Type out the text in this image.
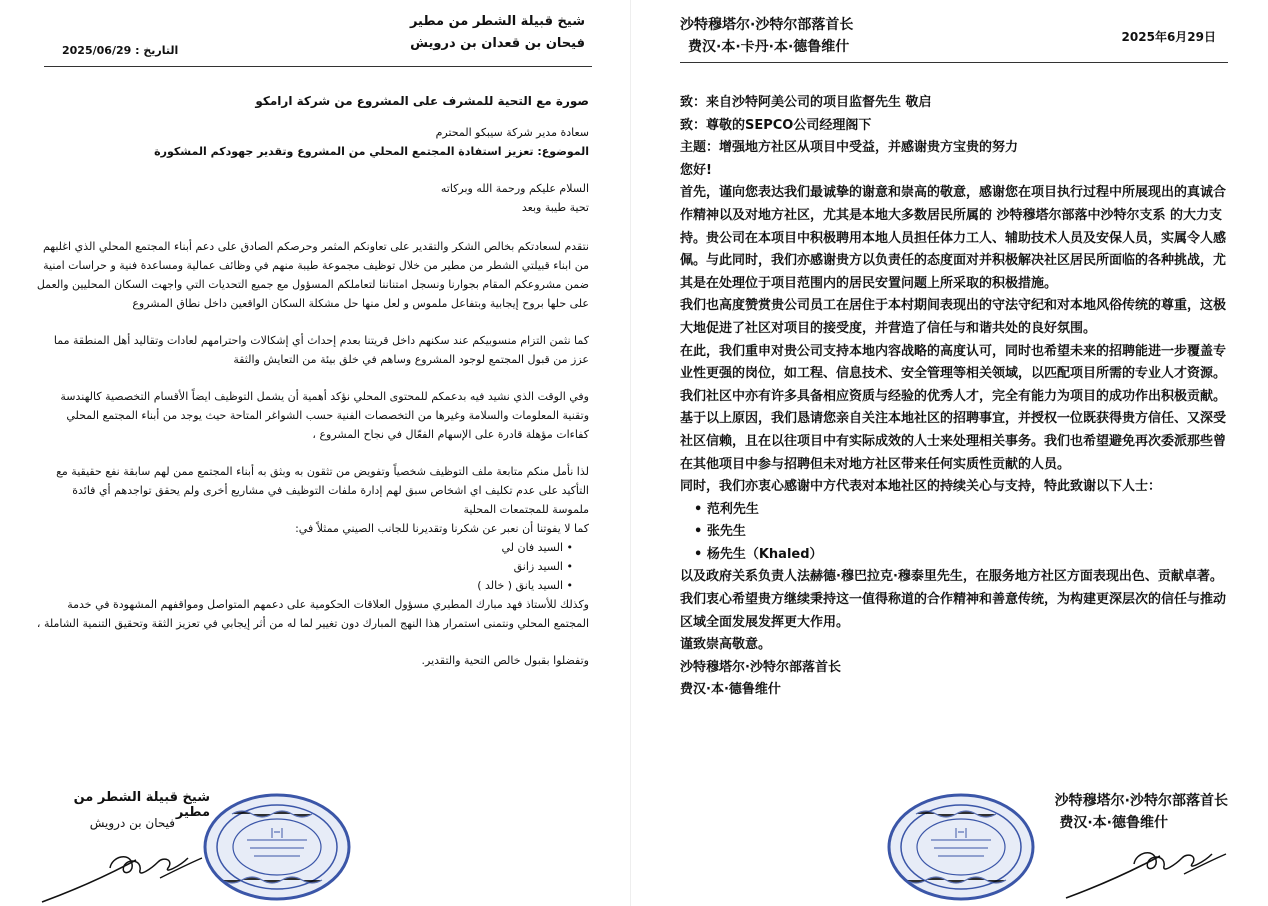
شيخ قبيلة الشطر من مطير
فيحان بن قعدان بن درويش
التاريخ : 2025/06/29

صورة مع التحية للمشرف على المشروع من شركة ارامكو

سعادة مدير شركة سيبكو المحترم

الموضوع: تعزيز استفادة المجتمع المحلي من المشروع وتقدير جهودكم المشكورة

السلام عليكم ورحمة الله وبركاته

تحية طيبة وبعد

نتقدم لسعادتكم بخالص الشكر والتقدير على تعاونكم المثمر وحرصكم الصادق على دعم أبناء المجتمع المحلي الذي اغلبهم من ابناء قبيلتي الشطر من مطير من خلال توظيف مجموعة طيبة منهم في وظائف عمالية ومساعدة فنية و حراسات امنية ضمن مشروعكم المقام بجوارنا ونسجل امتناننا لتعاملكم المسؤول مع جميع التحديات التي واجهت السكان المحليين والعمل على حلها بروح إيجابية وبتفاعل ملموس و لعل منها حل مشكلة السكان الواقعين داخل نطاق المشروع

كما نثمن التزام منسوبيكم عند سكنهم داخل قريتنا بعدم إحداث أي إشكالات واحترامهم لعادات وتقاليد أهل المنطقة مما عزز من قبول المجتمع لوجود المشروع وساهم في خلق بيئة من التعايش والثقة

وفي الوقت الذي نشيد فيه بدعمكم للمحتوى المحلي نؤكد أهمية أن يشمل التوظيف ايضاً الأقسام التخصصية كالهندسة وتقنية المعلومات والسلامة وغيرها من التخصصات الفنية حسب الشواغر المتاحة حيث يوجد من أبناء المجتمع المحلي كفاءات مؤهلة قادرة على الإسهام الفعّال في نجاح المشروع ،

لذا نأمل منكم متابعة ملف التوظيف شخصياً وتفويض من تثقون به وبثق به أبناء المجتمع ممن لهم سابقة نفع حقيقية مع التأكيد على عدم تكليف اي اشخاص سبق لهم إدارة ملفات التوظيف في مشاريع أخرى ولم يحقق تواجدهم أي فائدة ملموسة للمجتمعات المحلية

كما لا يفوتنا أن نعبر عن شكرنا وتقديرنا للجانب الصيني ممثلاً في:

• السيد فان لي
• السيد زانق
• السيد يانق ( خالد )

وكذلك للأستاذ فهد مبارك المطيري مسؤول العلاقات الحكومية على دعمهم المتواصل ومواقفهم المشهودة في خدمة المجتمع المحلي ونتمنى استمرار هذا النهج المبارك دون تغيير لما له من أثر إيجابي في تعزيز الثقة وتحقيق التنمية الشاملة ،

وتفضلوا بقبول خالص التحية والتقدير.

شيخ قبيلة الشطر من مطير
فيحان بن درويش
沙特穆塔尔·沙特尔部落首长
费汉·本·卡丹·本·德鲁维什
2025年6月29日

致：来自沙特阿美公司的项目监督先生 敬启

致：尊敬的SEPCO公司经理阁下

主题：增强地方社区从项目中受益，并感谢贵方宝贵的努力

您好!

首先，谨向您表达我们最诚挚的谢意和崇高的敬意，感谢您在项目执行过程中所展现出的真诚合作精神以及对地方社区，尤其是本地大多数居民所属的 沙特穆塔尔部落中沙特尔支系 的大力支持。贵公司在本项目中积极聘用本地人员担任体力工人、辅助技术人员及安保人员，实属令人感佩。与此同时，我们亦感谢贵方以负责任的态度面对并积极解决社区居民所面临的各种挑战，尤其是在处理位于项目范围内的居民安置问题上所采取的积极措施。

我们也高度赞赏贵公司员工在居住于本村期间表现出的守法守纪和对本地风俗传统的尊重，这极大地促进了社区对项目的接受度，并营造了信任与和谐共处的良好氛围。

在此，我们重申对贵公司支持本地内容战略的高度认可，同时也希望未来的招聘能进一步覆盖专业性更强的岗位，如工程、信息技术、安全管理等相关领域，以匹配项目所需的专业人才资源。我们社区中亦有许多具备相应资质与经验的优秀人才，完全有能力为项目的成功作出积极贡献。

基于以上原因，我们恳请您亲自关注本地社区的招聘事宜，并授权一位既获得贵方信任、又深受社区信赖，且在以往项目中有实际成效的人士来处理相关事务。我们也希望避免再次委派那些曾在其他项目中参与招聘但未对地方社区带来任何实质性贡献的人员。

同时，我们亦衷心感谢中方代表对本地社区的持续关心与支持，特此致谢以下人士：

• 范利先生
• 张先生
• 杨先生（Khaled）

以及政府关系负责人法赫德·穆巴拉克·穆泰里先生，在服务地方社区方面表现出色、贡献卓著。我们衷心希望贵方继续秉持这一值得称道的合作精神和善意传统，为构建更深层次的信任与推动区域全面发展发挥更大作用。

谨致崇高敬意。

沙特穆塔尔·沙特尔部落首长

费汉·本·德鲁维什

沙特穆塔尔·沙特尔部落首长
费汉·本·德鲁维什
